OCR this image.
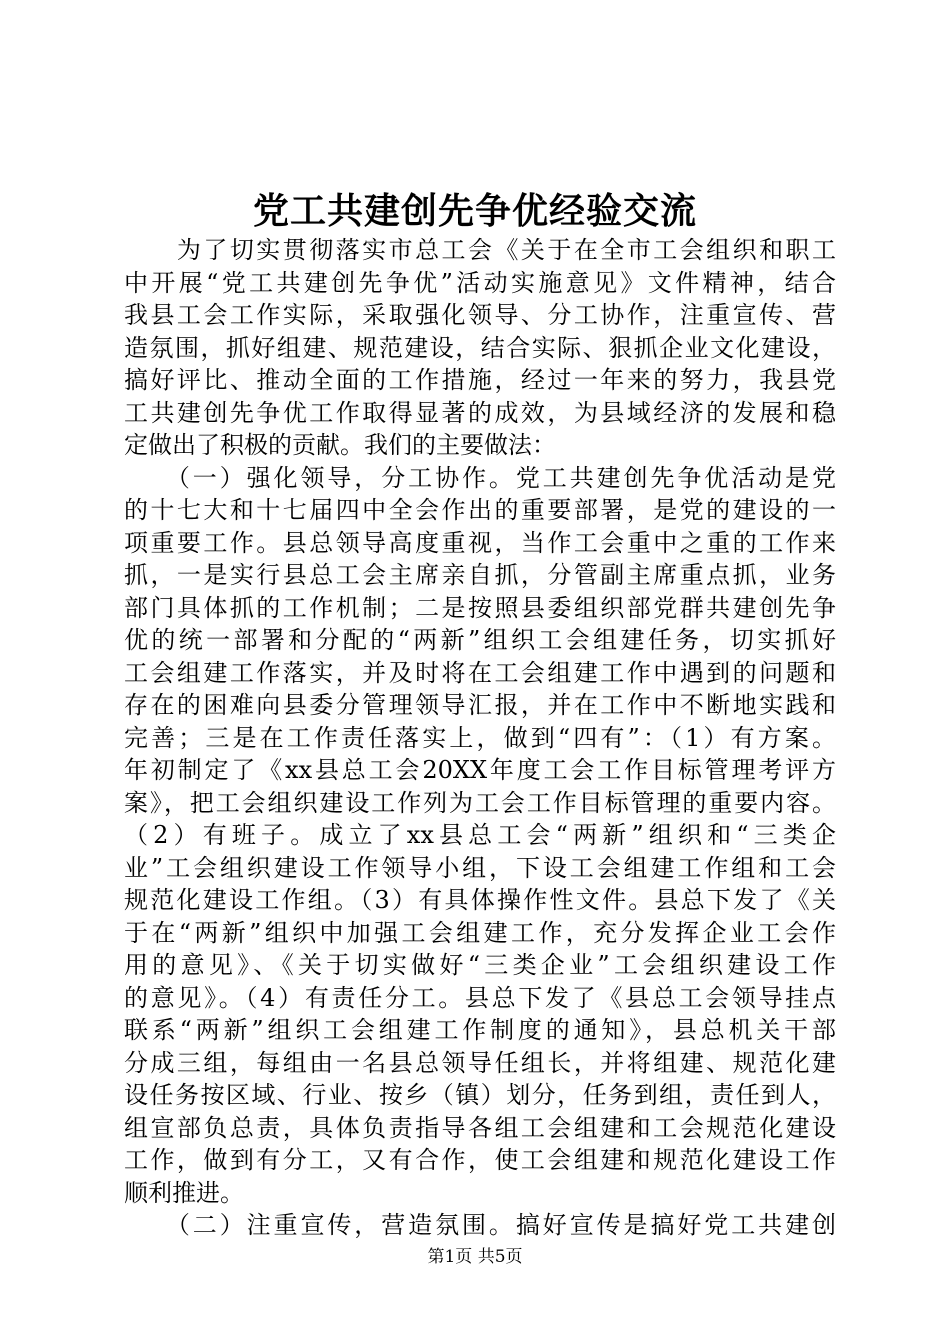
党工共建创先争优经验交流
　　为了切实贯彻落实市总工会《关于在全市工会组织和职工
中开展“党工共建创先争优”活动实施意见》文件精神，结合
我县工会工作实际，采取强化领导、分工协作，注重宣传、营
造氛围，抓好组建、规范建设，结合实际、狠抓企业文化建设，
搞好评比、推动全面的工作措施，经过一年来的努力，我县党
工共建创先争优工作取得显著的成效，为县域经济的发展和稳
定做出了积极的贡献。我们的主要做法：
　　（一）强化领导，分工协作。党工共建创先争优活动是党
的十七大和十七届四中全会作出的重要部署，是党的建设的一
项重要工作。县总领导高度重视，当作工会重中之重的工作来
抓，一是实行县总工会主席亲自抓，分管副主席重点抓，业务
部门具体抓的工作机制；二是按照县委组织部党群共建创先争
优的统一部署和分配的“两新”组织工会组建任务，切实抓好
工会组建工作落实，并及时将在工会组建工作中遇到的问题和
存在的困难向县委分管理领导汇报，并在工作中不断地实践和
完善；三是在工作责任落实上，做到“四有”：（1）有方案。
年初制定了《xx县总工会20XX年度工会工作目标管理考评方
案》，把工会组织建设工作列为工会工作目标管理的重要内容。
（2）有班子。成立了xx县总工会“两新”组织和“三类企
业”工会组织建设工作领导小组，下设工会组建工作组和工会
规范化建设工作组。（3）有具体操作性文件。县总下发了《关
于在“两新”组织中加强工会组建工作，充分发挥企业工会作
用的意见》、《关于切实做好“三类企业”工会组织建设工作
的意见》。（4）有责任分工。县总下发了《县总工会领导挂点
联系“两新”组织工会组建工作制度的通知》，县总机关干部
分成三组，每组由一名县总领导任组长，并将组建、规范化建
设任务按区域、行业、按乡（镇）划分，任务到组，责任到人，
组宣部负总责，具体负责指导各组工会组建和工会规范化建设
工作，做到有分工，又有合作，使工会组建和规范化建设工作
顺利推进。
　　（二）注重宣传，营造氛围。搞好宣传是搞好党工共建创
第1页 共5页
